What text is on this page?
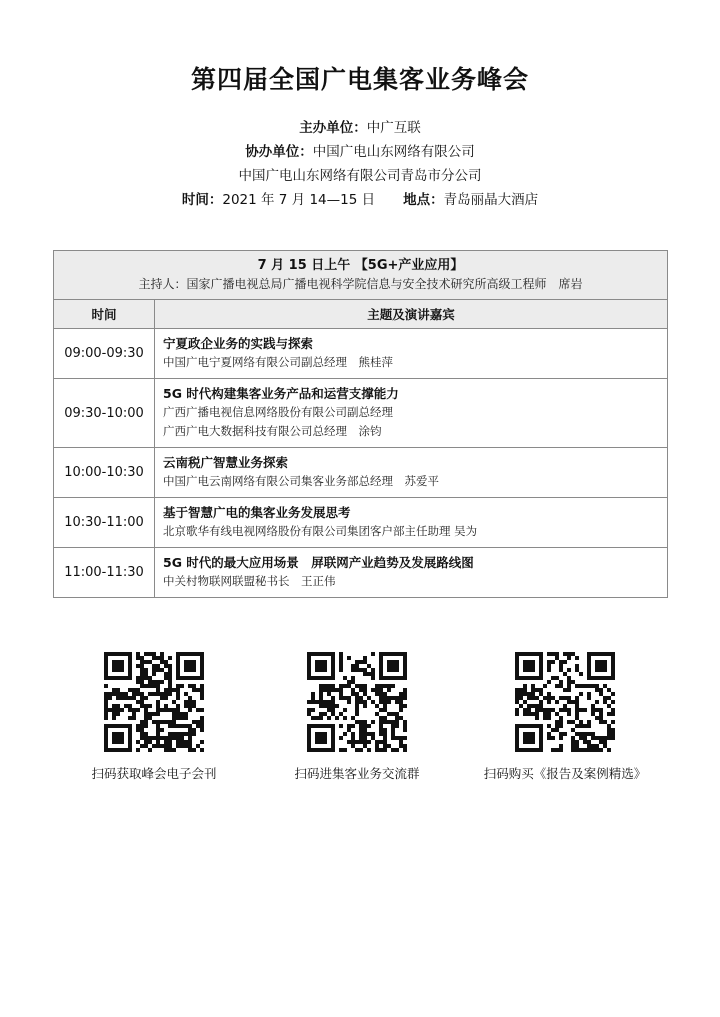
第四届全国广电集客业务峰会
主办单位：中广互联
协办单位：中国广电山东网络有限公司
中国广电山东网络有限公司青岛市分公司
时间：2021 年 7 月 14—15 日 地点：青岛丽晶大酒店
7 月 15 日上午 【5G+产业应用】
主持人：国家广播电视总局广播电视科学院信息与安全技术研究所高级工程师　席岩	

时间	主题及演讲嘉宾
09:00-09:30	宁夏政企业务的实践与探索
中国广电宁夏网络有限公司副总经理　熊桂萍

09:30-10:00	5G 时代构建集客业务产品和运营支撑能力
广西广播电视信息网络股份有限公司副总经理
广西广电大数据科技有限公司总经理　涂钧

10:00-10:30	云南税广智慧业务探索
中国广电云南网络有限公司集客业务部总经理　苏爱平

10:30-11:00	基于智慧广电的集客业务发展思考
北京歌华有线电视网络股份有限公司集团客户部主任助理 吴为

11:00-11:30	5G 时代的最大应用场景　屏联网产业趋势及发展路线图
中关村物联网联盟秘书长　王正伟
扫码获取峰会电子会刊	扫码进集客业务交流群	扫码购买《报告及案例精选》
